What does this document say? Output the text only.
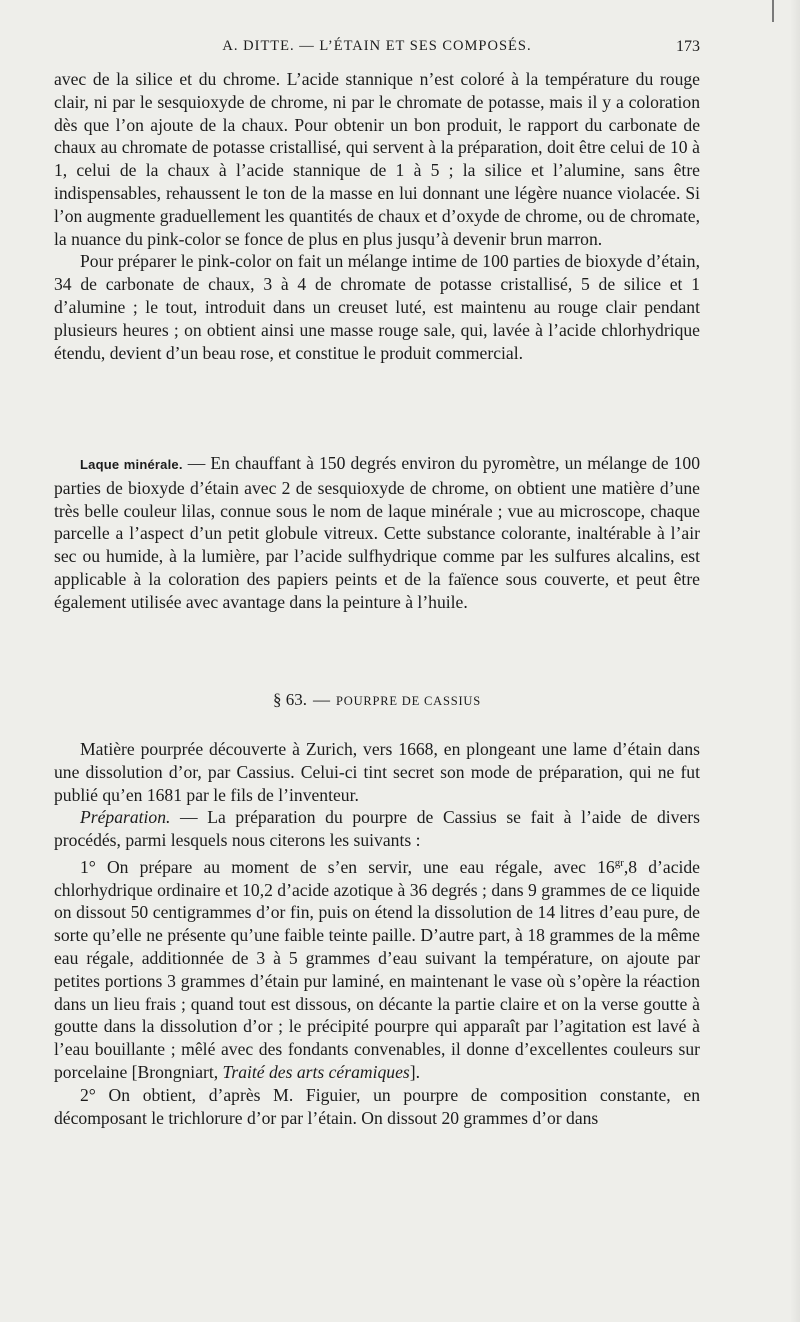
A. DITTE. — L’ÉTAIN ET SES COMPOSÉS.	173

avec de la silice et du chrome. L’acide stannique n’est coloré à la température du rouge clair, ni par le sesquioxyde de chrome, ni par le chromate de potasse, mais il y a coloration dès que l’on ajoute de la chaux. Pour obtenir un bon produit, le rapport du carbonate de chaux au chromate de potasse cristallisé, qui servent à la préparation, doit être celui de 10 à 1, celui de la chaux à l’acide stannique de 1 à 5 ; la silice et l’alumine, sans être indispensables, rehaussent le ton de la masse en lui donnant une légère nuance violacée. Si l’on augmente graduellement les quantités de chaux et d’oxyde de chrome, ou de chromate, la nuance du pink-color se fonce de plus en plus jusqu’à devenir brun marron.

Pour préparer le pink-color on fait un mélange intime de 100 parties de bioxyde d’étain, 34 de carbonate de chaux, 3 à 4 de chromate de potasse cristallisé, 5 de silice et 1 d’alumine ; le tout, introduit dans un creuset luté, est maintenu au rouge clair pendant plusieurs heures ; on obtient ainsi une masse rouge sale, qui, lavée à l’acide chlorhydrique étendu, devient d’un beau rose, et constitue le produit commercial.

Laque minérale. — En chauffant à 150 degrés environ du pyromètre, un mélange de 100 parties de bioxyde d’étain avec 2 de sesquioxyde de chrome, on obtient une matière d’une très belle couleur lilas, connue sous le nom de laque minérale ; vue au microscope, chaque parcelle a l’aspect d’un petit globule vitreux. Cette substance colorante, inaltérable à l’air sec ou humide, à la lumière, par l’acide sulfhydrique comme par les sulfures alcalins, est applicable à la coloration des papiers peints et de la faïence sous couverte, et peut être également utilisée avec avantage dans la peinture à l’huile.

§ 63. — POURPRE DE CASSIUS

Matière pourprée découverte à Zurich, vers 1668, en plongeant une lame d’étain dans une dissolution d’or, par Cassius. Celui-ci tint secret son mode de préparation, qui ne fut publié qu’en 1681 par le fils de l’inventeur.

Préparation. — La préparation du pourpre de Cassius se fait à l’aide de divers procédés, parmi lesquels nous citerons les suivants :

1° On prépare au moment de s’en servir, une eau régale, avec $16^{gr},8$ d’acide chlorhydrique ordinaire et 10,2 d’acide azotique à 36 degrés ; dans 9 grammes de ce liquide on dissout 50 centigrammes d’or fin, puis on étend la dissolution de 14 litres d’eau pure, de sorte qu’elle ne présente qu’une faible teinte paille. D’autre part, à 18 grammes de la même eau régale, additionnée de 3 à 5 grammes d’eau suivant la température, on ajoute par petites portions 3 grammes d’étain pur laminé, en maintenant le vase où s’opère la réaction dans un lieu frais ; quand tout est dissous, on décante la partie claire et on la verse goutte à goutte dans la dissolution d’or ; le précipité pourpre qui apparaît par l’agitation est lavé à l’eau bouillante ; mêlé avec des fondants convenables, il donne d’excellentes couleurs sur porcelaine [Brongniart, Traité des arts céramiques].

2° On obtient, d’après M. Figuier, un pourpre de composition constante, en décomposant le trichlorure d’or par l’étain. On dissout 20 grammes d’or dans
